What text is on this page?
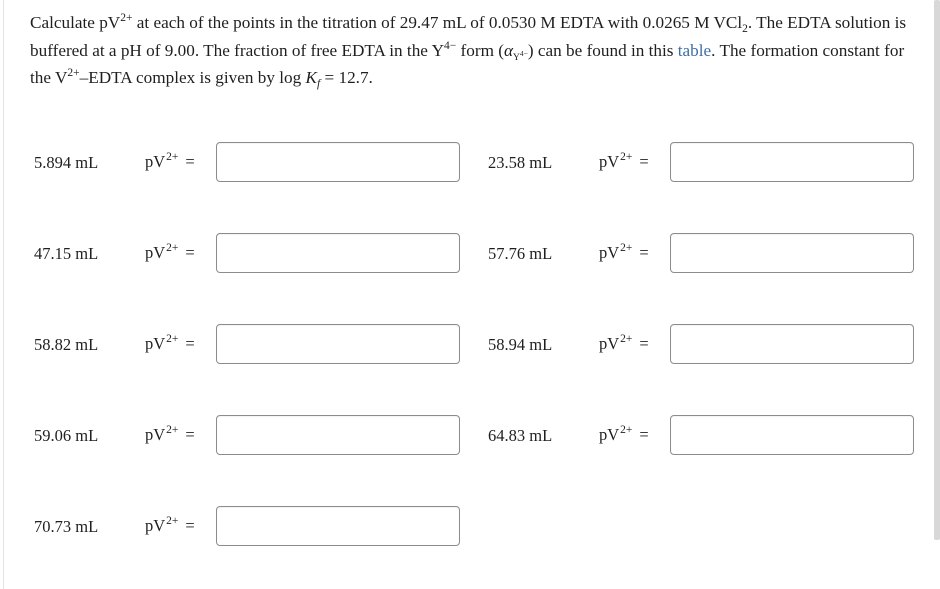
Calculate $pV^{2+}$ at each of the points in the titration of 29.47 mL of 0.0530 M EDTA with 0.0265 M VCl$_2$. The EDTA solution is buffered at a pH of 9.00. The fraction of free EDTA in the $Y^{4-}$ form $(\alpha_{Y^{4-}})$ can be found in this table. The formation constant for the $V^{2+}$–EDTA complex is given by $\log K_f = 12.7$.
5.894 mL	$pV^{2+}$ =	23.58 mL	$pV^{2+}$ =
47.15 mL	$pV^{2+}$ =	57.76 mL	$pV^{2+}$ =
58.82 mL	$pV^{2+}$ =	58.94 mL	$pV^{2+}$ =
59.06 mL	$pV^{2+}$ =	64.83 mL	$pV^{2+}$ =
70.73 mL	$pV^{2+}$ =
